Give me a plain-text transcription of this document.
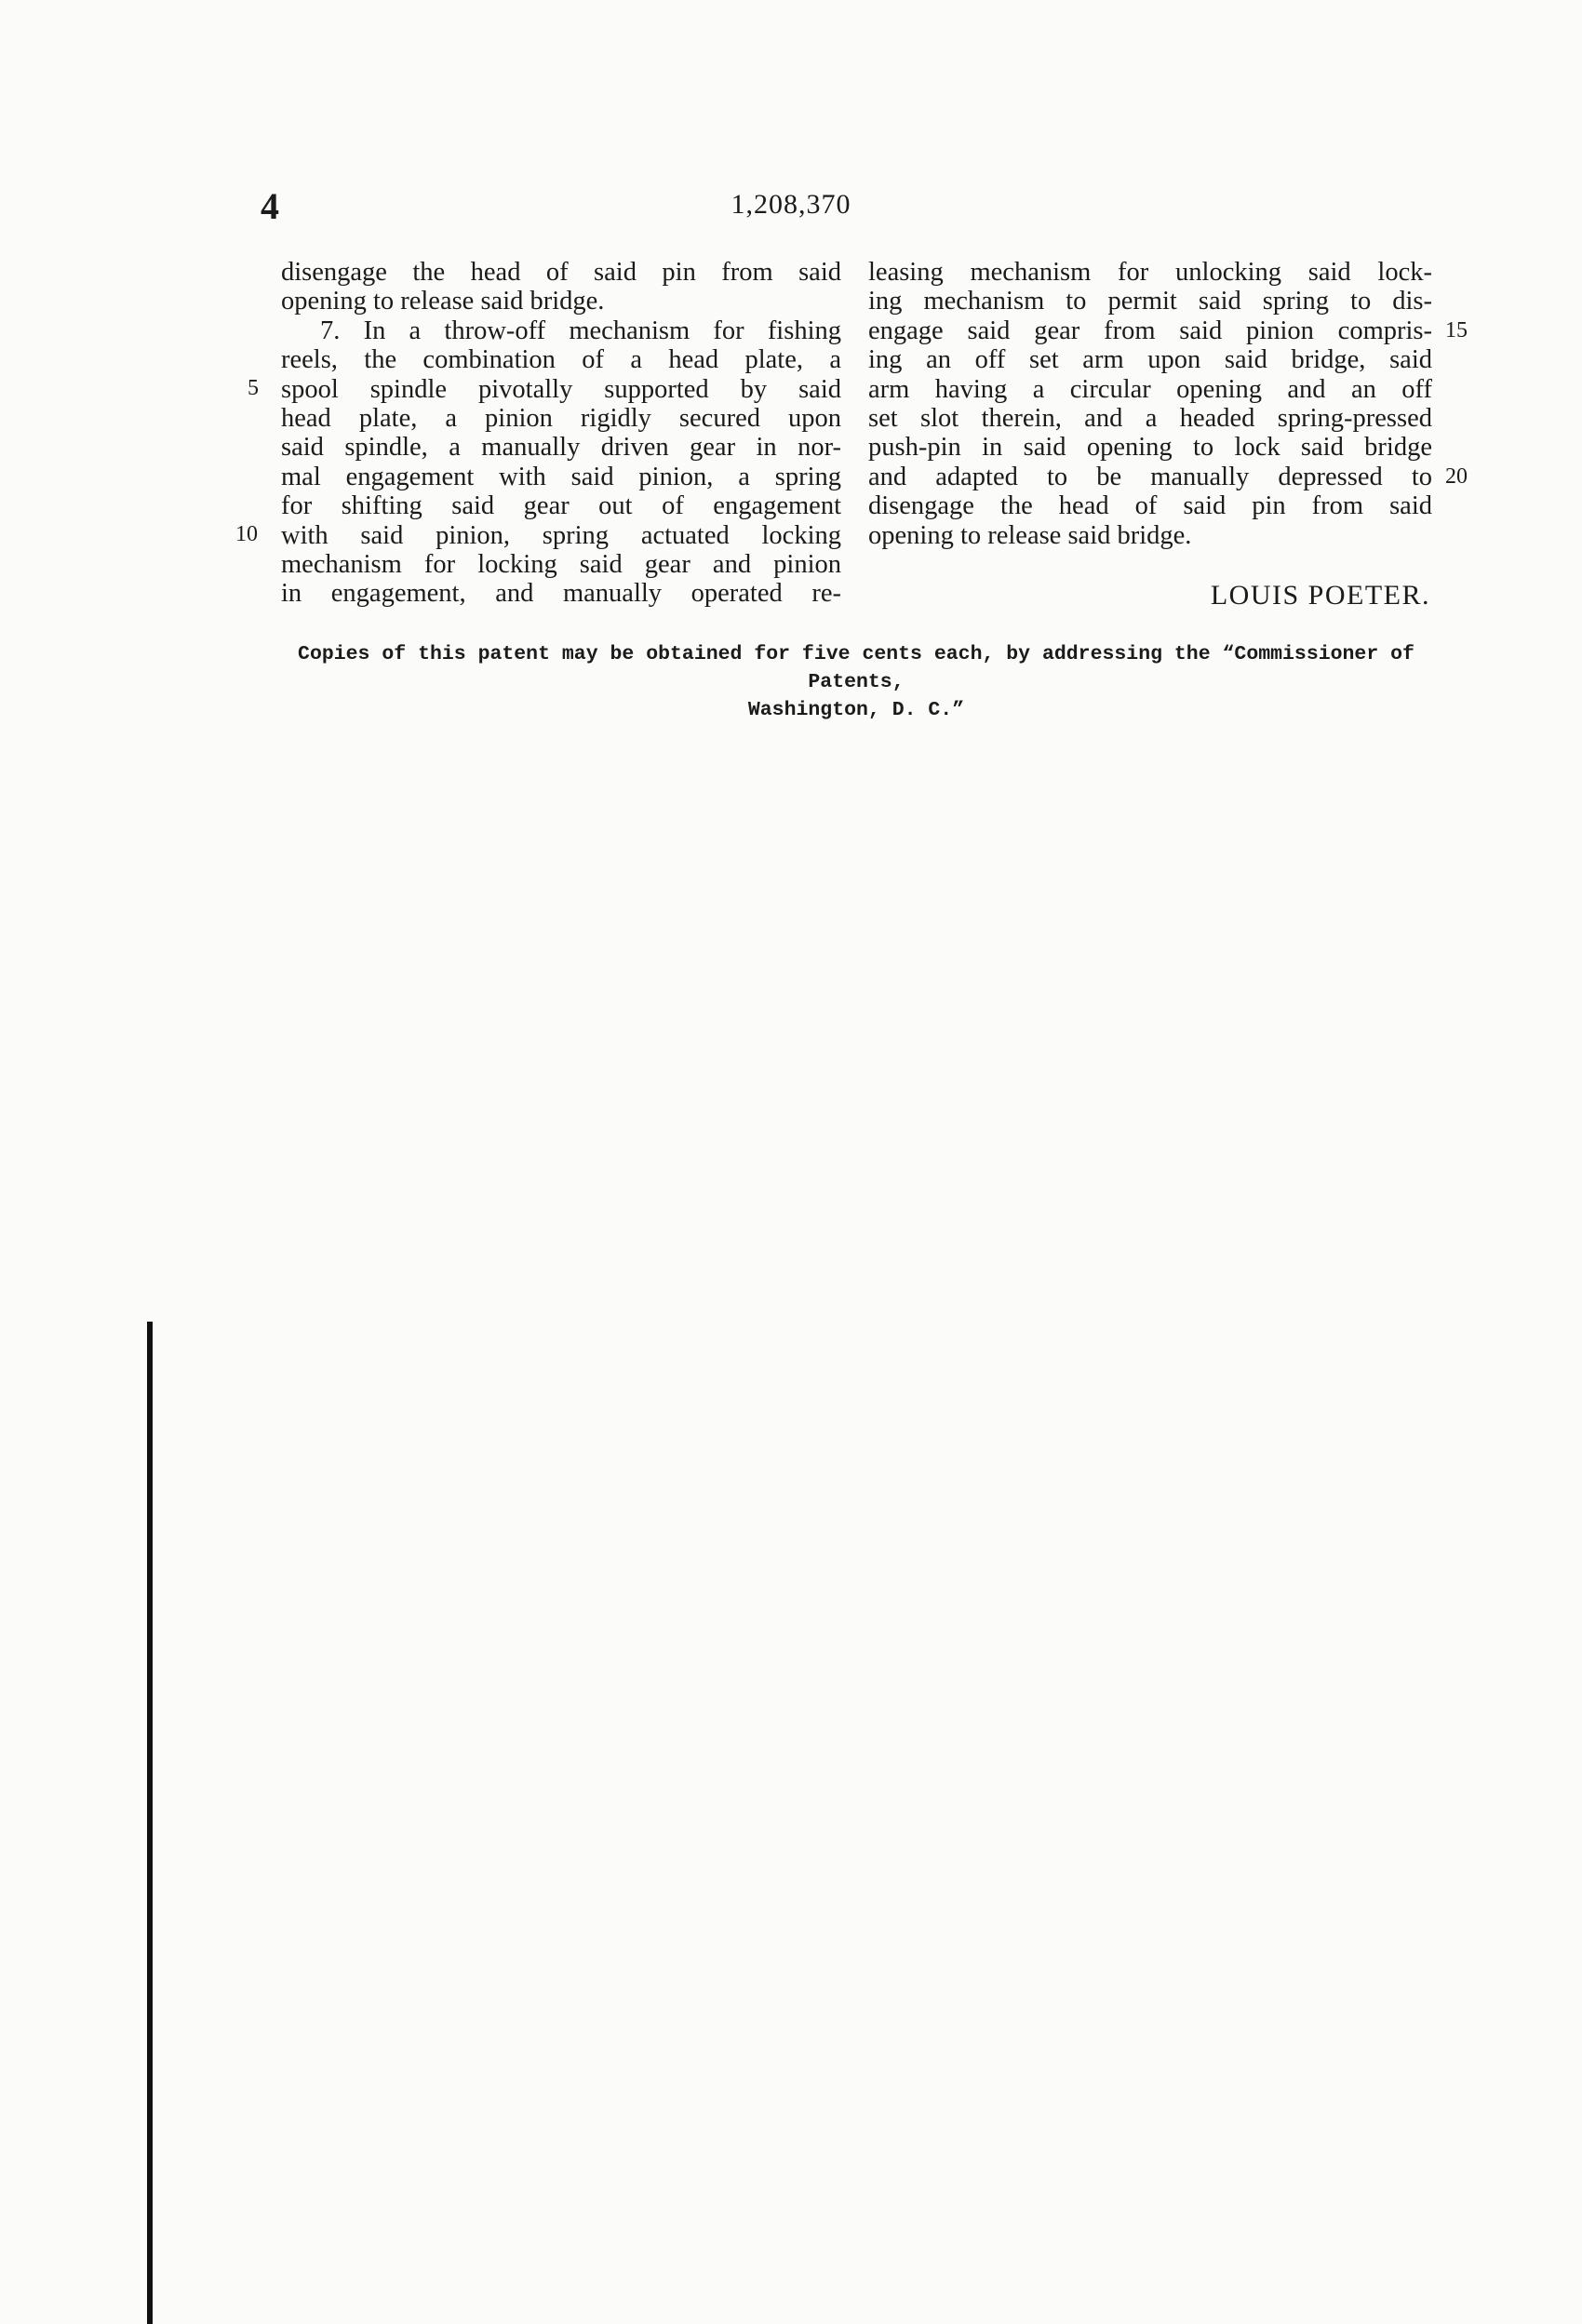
4	1,208,370
disengage the head of said pin from said
opening to release said bridge.
7. In a throw-off mechanism for fishing
reels, the combination of a head plate, a
spool spindle pivotally supported by said
head plate, a pinion rigidly secured upon
said spindle, a manually driven gear in nor-
mal engagement with said pinion, a spring
for shifting said gear out of engagement
with said pinion, spring actuated locking
mechanism for locking said gear and pinion
in engagement, and manually operated re-
5
10
leasing mechanism for unlocking said lock-
ing mechanism to permit said spring to dis-
engage said gear from said pinion compris-
ing an off set arm upon said bridge, said
arm having a circular opening and an off
set slot therein, and a headed spring-pressed
push-pin in said opening to lock said bridge
and adapted to be manually depressed to
disengage the head of said pin from said
opening to release said bridge.
15
20
LOUIS POETER.
Copies of this patent may be obtained for five cents each, by addressing the “Commissioner of Patents,
Washington, D. C.”
